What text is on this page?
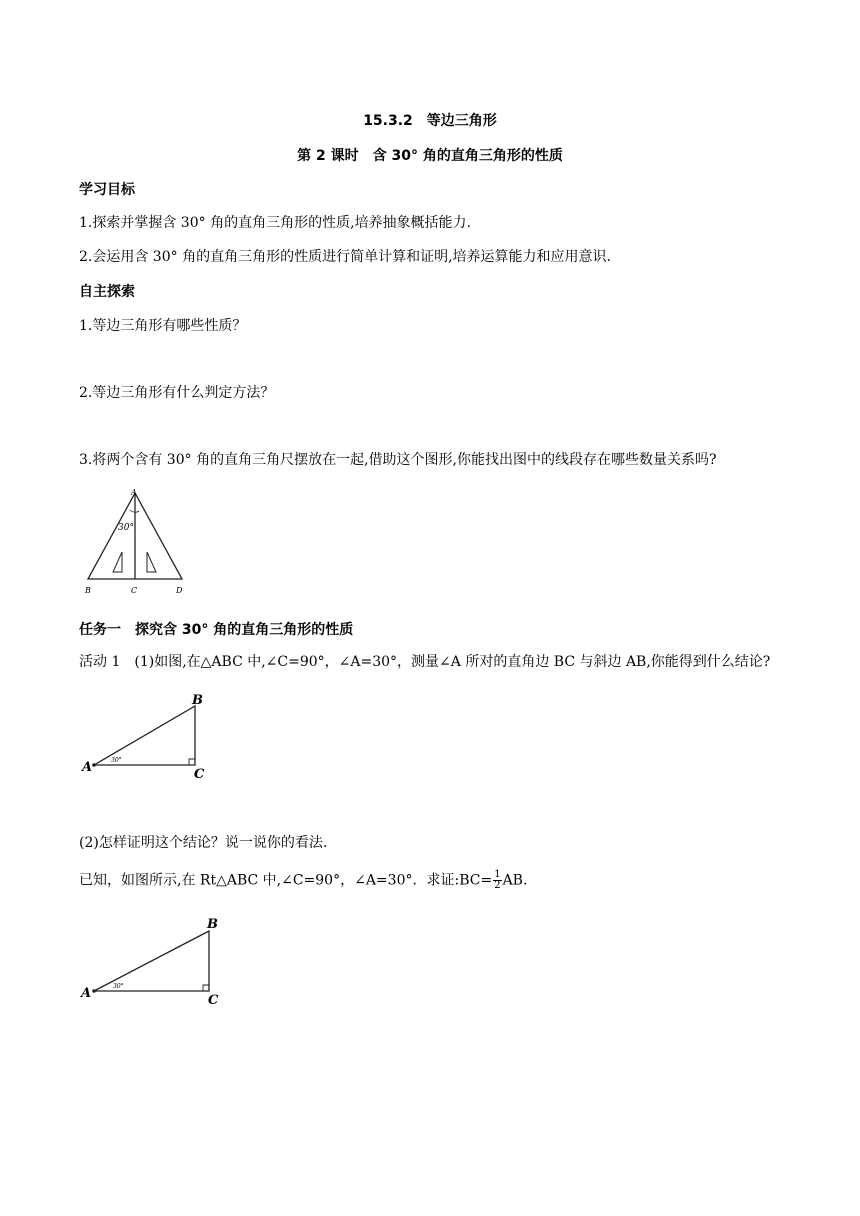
15.3.2　等边三角形
第 2 课时　含 30° 角的直角三角形的性质
学习目标
1.探索并掌握含 30° 角的直角三角形的性质,培养抽象概括能力.
2.会运用含 30° 角的直角三角形的性质进行简单计算和证明,培养运算能力和应用意识.
自主探索
1.等边三角形有哪些性质？
2.等边三角形有什么判定方法？
3.将两个含有 30° 角的直角三角尺摆放在一起,借助这个图形,你能找出图中的线段存在哪些数量关系吗?
A
30°
B	C	D
任务一　探究含 30° 角的直角三角形的性质
活动 1　(1)如图,在△ABC 中,∠C=90°，∠A=30°，测量∠A 所对的直角边 BC 与斜边 AB,你能得到什么结论?
A
B
C
30°
(2)怎样证明这个结论？说一说你的看法.
已知，如图所示,在 Rt△ABC 中,∠C=90°，∠A=30°．求证:BC= $\frac{1}{2}$ AB.
A
B
C
30°
